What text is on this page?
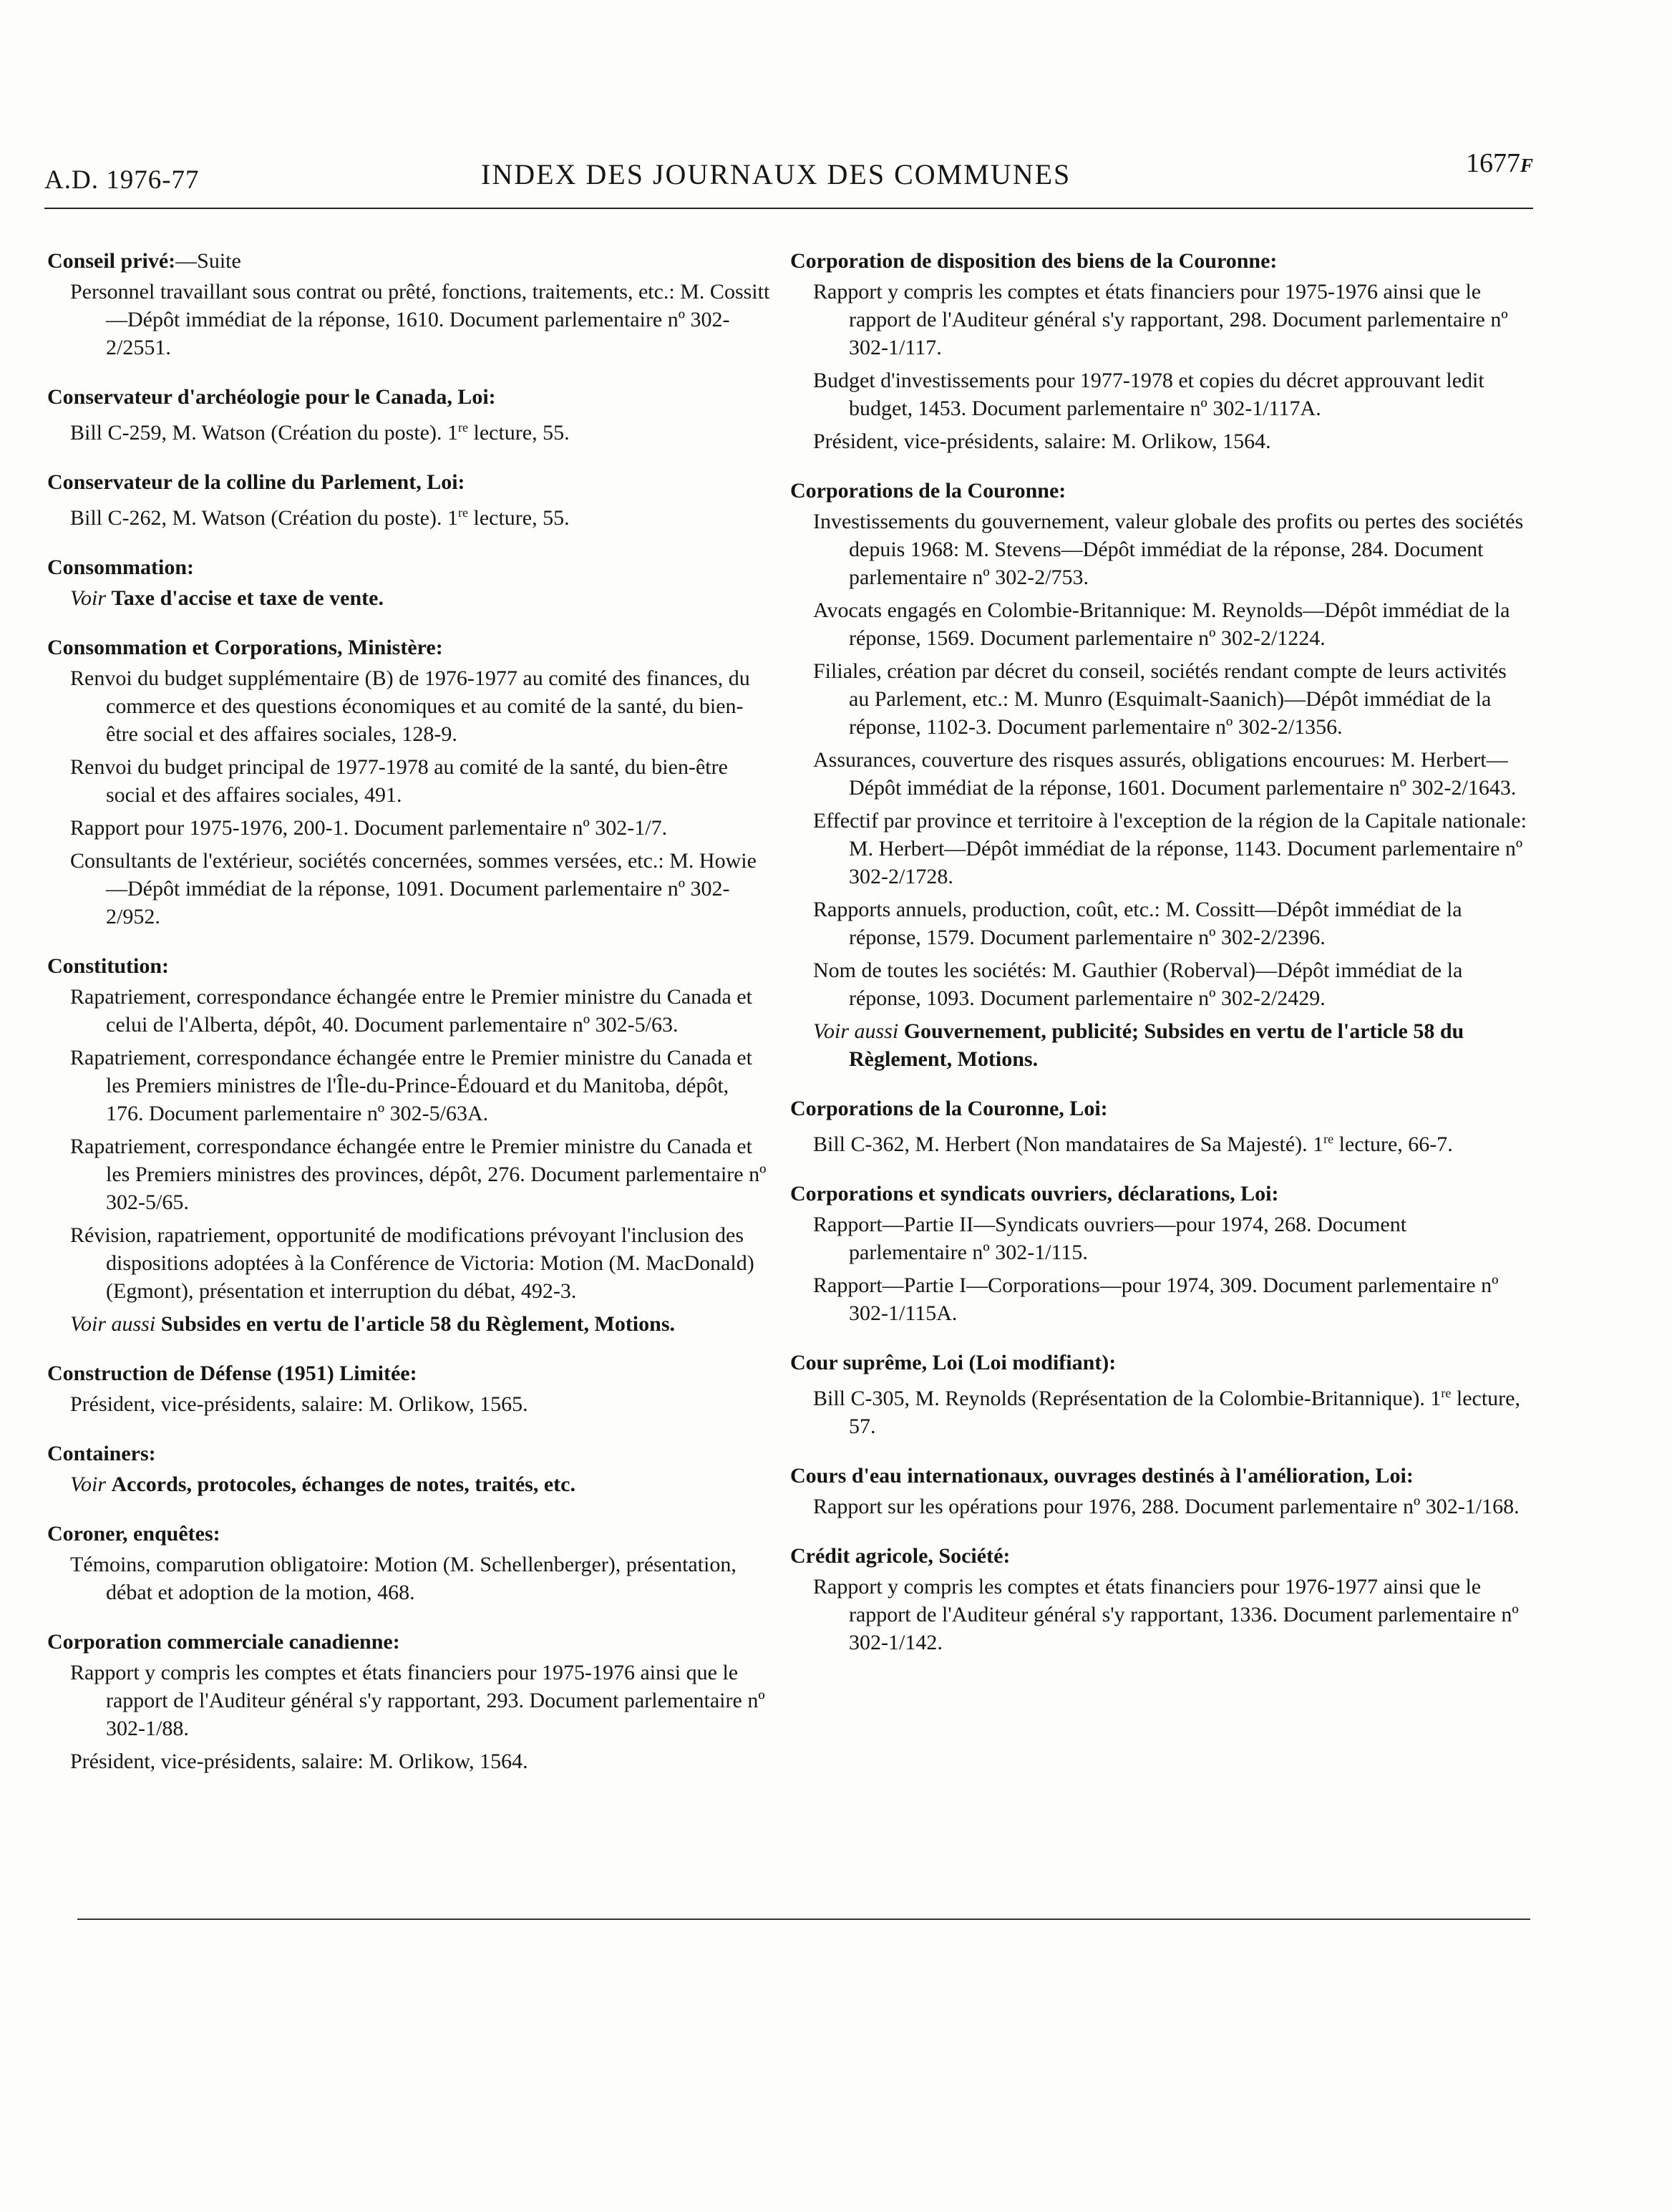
A.D. 1976-77	INDEX DES JOURNAUX DES COMMUNES	1677F

Conseil privé:—Suite

Personnel travaillant sous contrat ou prêté, fonctions, traitements, etc.: M. Cossitt—Dépôt immédiat de la réponse, 1610. Document parlementaire nº 302-2/2551.

Conservateur d'archéologie pour le Canada, Loi:

Bill C-259, M. Watson (Création du poste). 1re lecture, 55.

Conservateur de la colline du Parlement, Loi:

Bill C-262, M. Watson (Création du poste). 1re lecture, 55.

Consommation:

Voir Taxe d'accise et taxe de vente.

Consommation et Corporations, Ministère:

Renvoi du budget supplémentaire (B) de 1976-1977 au comité des finances, du commerce et des questions économiques et au comité de la santé, du bien-être social et des affaires sociales, 128-9.

Renvoi du budget principal de 1977-1978 au comité de la santé, du bien-être social et des affaires sociales, 491.

Rapport pour 1975-1976, 200-1. Document parlementaire nº 302-1/7.

Consultants de l'extérieur, sociétés concernées, sommes versées, etc.: M. Howie—Dépôt immédiat de la réponse, 1091. Document parlementaire nº 302-2/952.

Constitution:

Rapatriement, correspondance échangée entre le Premier ministre du Canada et celui de l'Alberta, dépôt, 40. Document parlementaire nº 302-5/63.

Rapatriement, correspondance échangée entre le Premier ministre du Canada et les Premiers ministres de l'Île-du-Prince-Édouard et du Manitoba, dépôt, 176. Document parlementaire nº 302-5/63A.

Rapatriement, correspondance échangée entre le Premier ministre du Canada et les Premiers ministres des provinces, dépôt, 276. Document parlementaire nº 302-5/65.

Révision, rapatriement, opportunité de modifications prévoyant l'inclusion des dispositions adoptées à la Conférence de Victoria: Motion (M. MacDonald) (Egmont), présentation et interruption du débat, 492-3.

Voir aussi Subsides en vertu de l'article 58 du Règlement, Motions.

Construction de Défense (1951) Limitée:

Président, vice-présidents, salaire: M. Orlikow, 1565.

Containers:

Voir Accords, protocoles, échanges de notes, traités, etc.

Coroner, enquêtes:

Témoins, comparution obligatoire: Motion (M. Schellenberger), présentation, débat et adoption de la motion, 468.

Corporation commerciale canadienne:

Rapport y compris les comptes et états financiers pour 1975-1976 ainsi que le rapport de l'Auditeur général s'y rapportant, 293. Document parlementaire nº 302-1/88.

Président, vice-présidents, salaire: M. Orlikow, 1564.

Corporation de disposition des biens de la Couronne:

Rapport y compris les comptes et états financiers pour 1975-1976 ainsi que le rapport de l'Auditeur général s'y rapportant, 298. Document parlementaire nº 302-1/117.

Budget d'investissements pour 1977-1978 et copies du décret approuvant ledit budget, 1453. Document parlementaire nº 302-1/117A.

Président, vice-présidents, salaire: M. Orlikow, 1564.

Corporations de la Couronne:

Investissements du gouvernement, valeur globale des profits ou pertes des sociétés depuis 1968: M. Stevens—Dépôt immédiat de la réponse, 284. Document parlementaire nº 302-2/753.

Avocats engagés en Colombie-Britannique: M. Reynolds—Dépôt immédiat de la réponse, 1569. Document parlementaire nº 302-2/1224.

Filiales, création par décret du conseil, sociétés rendant compte de leurs activités au Parlement, etc.: M. Munro (Esquimalt-Saanich)—Dépôt immédiat de la réponse, 1102-3. Document parlementaire nº 302-2/1356.

Assurances, couverture des risques assurés, obligations encourues: M. Herbert—Dépôt immédiat de la réponse, 1601. Document parlementaire nº 302-2/1643.

Effectif par province et territoire à l'exception de la région de la Capitale nationale: M. Herbert—Dépôt immédiat de la réponse, 1143. Document parlementaire nº 302-2/1728.

Rapports annuels, production, coût, etc.: M. Cossitt—Dépôt immédiat de la réponse, 1579. Document parlementaire nº 302-2/2396.

Nom de toutes les sociétés: M. Gauthier (Roberval)—Dépôt immédiat de la réponse, 1093. Document parlementaire nº 302-2/2429.

Voir aussi Gouvernement, publicité; Subsides en vertu de l'article 58 du Règlement, Motions.

Corporations de la Couronne, Loi:

Bill C-362, M. Herbert (Non mandataires de Sa Majesté). 1re lecture, 66-7.

Corporations et syndicats ouvriers, déclarations, Loi:

Rapport—Partie II—Syndicats ouvriers—pour 1974, 268. Document parlementaire nº 302-1/115.

Rapport—Partie I—Corporations—pour 1974, 309. Document parlementaire nº 302-1/115A.

Cour suprême, Loi (Loi modifiant):

Bill C-305, M. Reynolds (Représentation de la Colombie-Britannique). 1re lecture, 57.

Cours d'eau internationaux, ouvrages destinés à l'amélioration, Loi:

Rapport sur les opérations pour 1976, 288. Document parlementaire nº 302-1/168.

Crédit agricole, Société:

Rapport y compris les comptes et états financiers pour 1976-1977 ainsi que le rapport de l'Auditeur général s'y rapportant, 1336. Document parlementaire nº 302-1/142.
